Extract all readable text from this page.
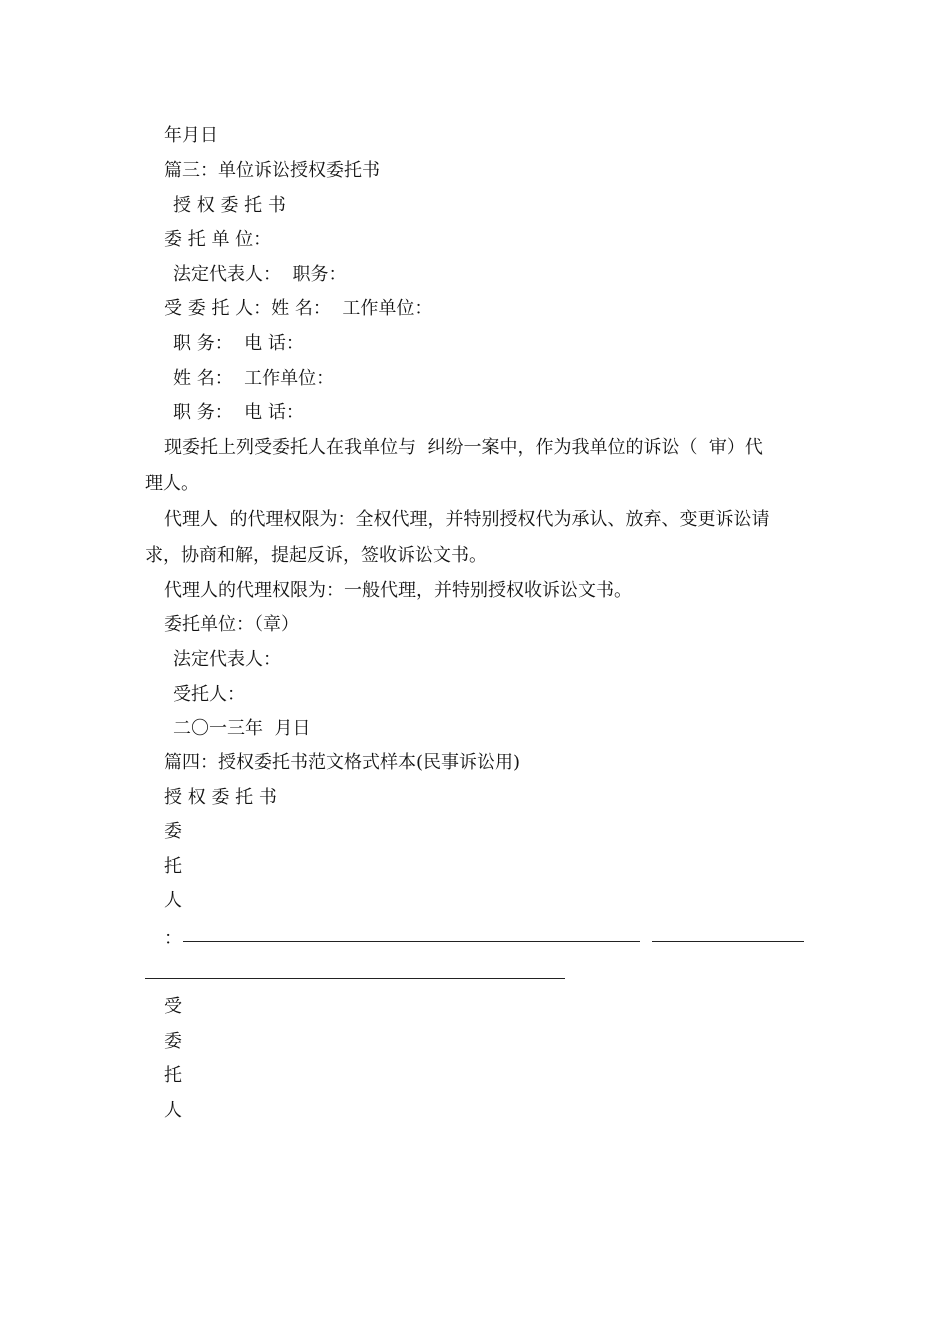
年月日
篇三：单位诉讼授权委托书
授 权 委 托 书
委 托 单 位：
法定代表人：  职务：
受 委 托 人：姓 名：  工作单位：
职 务：  电 话：
姓 名：  工作单位：
职 务：  电 话：
现委托上列受委托人在我单位与  纠纷一案中，作为我单位的诉讼（  审）代
理人。
代理人  的代理权限为：全权代理，并特别授权代为承认、放弃、变更诉讼请
求，协商和解，提起反诉，签收诉讼文书。
代理人的代理权限为：一般代理，并特别授权收诉讼文书。
委托单位：（章）
法定代表人：
受托人：
二〇一三年  月日
篇四：授权委托书范文格式样本(民事诉讼用)
授 权 委 托 书
委
托
人
：
受
委
托
人
